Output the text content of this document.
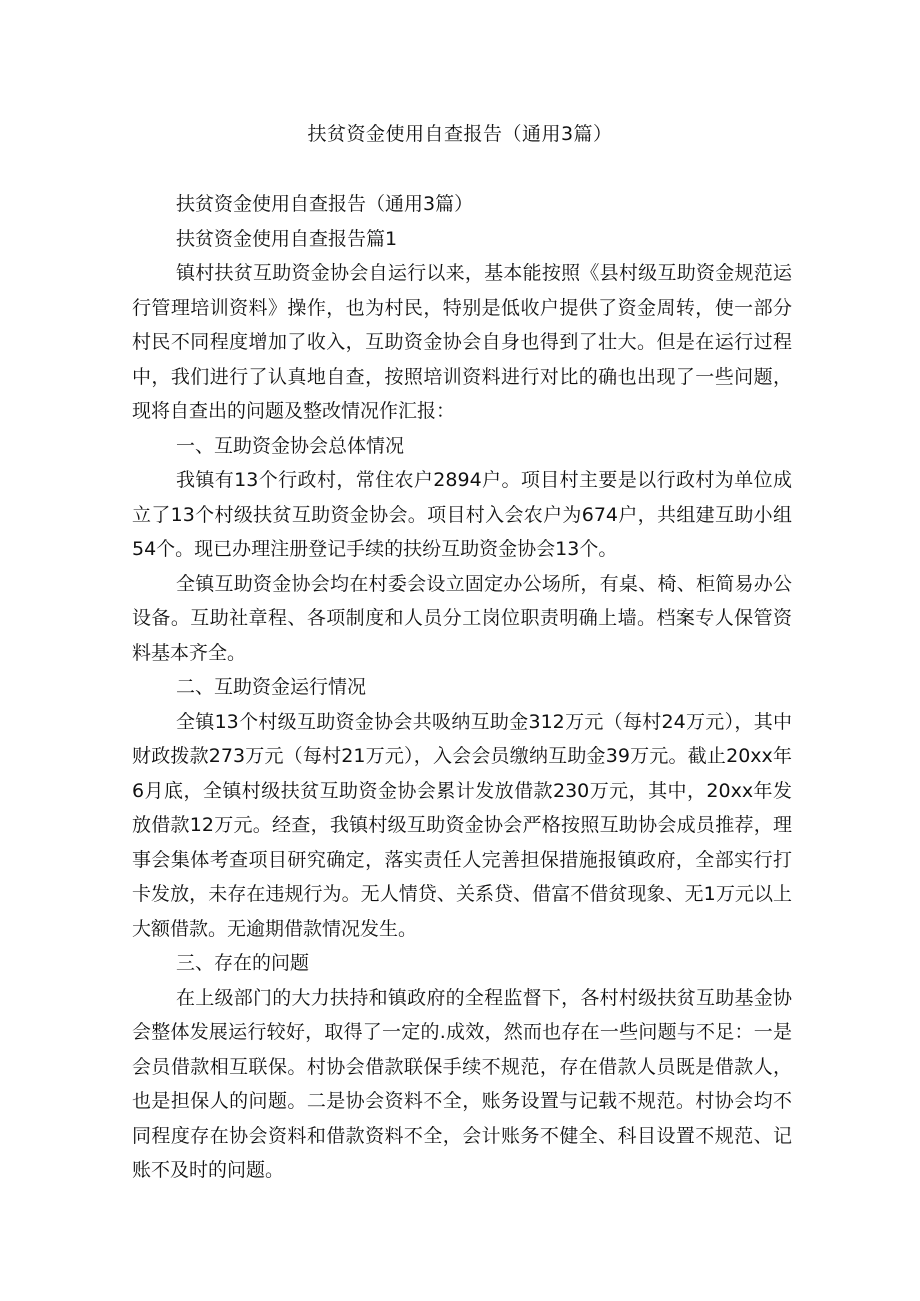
扶贫资金使用自查报告（通用3篇）

扶贫资金使用自查报告（通用3篇）

扶贫资金使用自查报告篇1

镇村扶贫互助资金协会自运行以来，基本能按照《县村级互助资金规范运行管理培训资料》操作，也为村民，特别是低收户提供了资金周转，使一部分村民不同程度增加了收入，互助资金协会自身也得到了壮大。但是在运行过程中，我们进行了认真地自查，按照培训资料进行对比的确也出现了一些问题，现将自查出的问题及整改情况作汇报：

一、互助资金协会总体情况

我镇有13个行政村，常住农户2894户。项目村主要是以行政村为单位成立了13个村级扶贫互助资金协会。项目村入会农户为674户，共组建互助小组54个。现已办理注册登记手续的扶纷互助资金协会13个。

全镇互助资金协会均在村委会设立固定办公场所，有桌、椅、柜简易办公设备。互助社章程、各项制度和人员分工岗位职责明确上墙。档案专人保管资料基本齐全。

二、互助资金运行情况

全镇13个村级互助资金协会共吸纳互助金312万元（每村24万元），其中财政拨款273万元（每村21万元），入会会员缴纳互助金39万元。截止20xx年6月底，全镇村级扶贫互助资金协会累计发放借款230万元，其中，20xx年发放借款12万元。经查，我镇村级互助资金协会严格按照互助协会成员推荐，理事会集体考查项目研究确定，落实责任人完善担保措施报镇政府，全部实行打卡发放，未存在违规行为。无人情贷、关系贷、借富不借贫现象、无1万元以上大额借款。无逾期借款情况发生。

三、存在的问题

在上级部门的大力扶持和镇政府的全程监督下，各村村级扶贫互助基金协会整体发展运行较好，取得了一定的.成效，然而也存在一些问题与不足：一是会员借款相互联保。村协会借款联保手续不规范，存在借款人员既是借款人，也是担保人的问题。二是协会资料不全，账务设置与记载不规范。村协会均不同程度存在协会资料和借款资料不全，会计账务不健全、科目设置不规范、记账不及时的问题。
